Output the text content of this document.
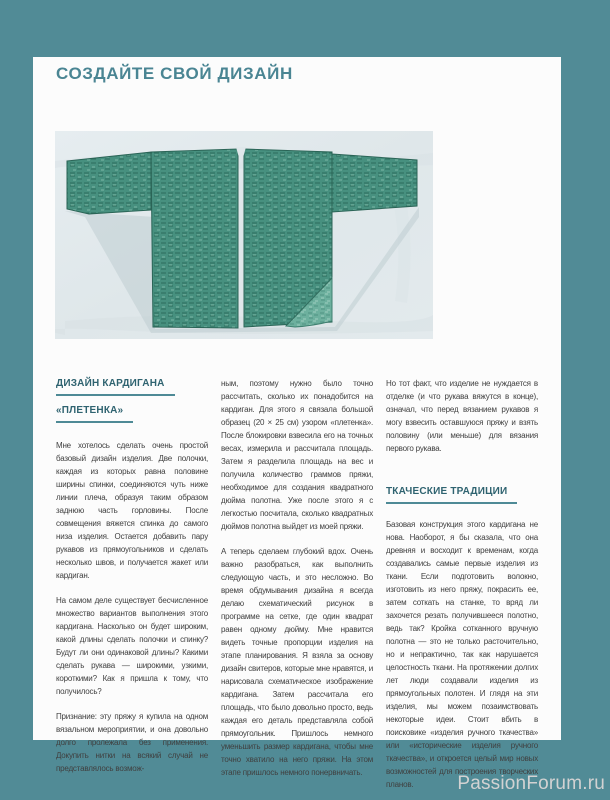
СОЗДАЙТЕ СВОЙ ДИЗАЙН
ДИЗАЙН КАРДИГАНА
«ПЛЕТЕНКА»

Мне хотелось сделать очень простой базовый дизайн изделия. Две полочки, каждая из которых равна половине ширины спинки, соединяются чуть ниже линии плеча, образуя таким образом заднюю часть горловины. После совмещения вяжется спинка до самого низа изделия. Остается добавить пару рукавов из прямоугольников и сделать несколько швов, и получается жакет или кардиган.

На самом деле существует бесчисленное множество вариантов выполнения этого кардигана. Насколько он будет широким, какой длины сделать полочки и спинку? Будут ли они одинаковой длины? Какими сделать рукава — широкими, узкими, короткими? Как я пришла к тому, что получилось?

Признание: эту пряжу я купила на одном вязальном мероприятии, и она довольно долго пролежала без применения. Докупить нитки на всякий случай не представлялось возмож-

ным, поэтому нужно было точно рассчитать, сколько их понадобится на кардиган. Для этого я связала большой образец (20 × 25 см) узором «плетенка». После блокировки взвесила его на точных весах, измерила и рассчитала площадь. Затем я разделила площадь на вес и получила количество граммов пряжи, необходимое для создания квадратного дюйма полотна. Уже после этого я с легкостью посчитала, сколько квадратных дюймов полотна выйдет из моей пряжи.

А теперь сделаем глубокий вдох. Очень важно разобраться, как выполнить следующую часть, и это несложно. Во время обдумывания дизайна я всегда делаю схематический рисунок в программе на сетке, где один квадрат равен одному дюйму. Мне нравится видеть точные пропорции изделия на этапе планирования. Я взяла за основу дизайн свитеров, которые мне нравятся, и нарисовала схематическое изображение кардигана. Затем рассчитала его площадь, что было довольно просто, ведь каждая его деталь представляла собой прямоугольник. Пришлось немного уменьшить размер кардигана, чтобы мне точно хватило на него пряжи. На этом этапе пришлось немного понервничать.

Но тот факт, что изделие не нуждается в отделке (и что рукава вяжутся в конце), означал, что перед вязанием рукавов я могу взвесить оставшуюся пряжу и взять половину (или меньше) для вязания первого рукава.

ТКАЧЕСКИЕ ТРАДИЦИИ

Базовая конструкция этого кардигана не нова. Наоборот, я бы сказала, что она древняя и восходит к временам, когда создавались самые первые изделия из ткани. Если подготовить волокно, изготовить из него пряжу, покрасить ее, затем соткать на станке, то вряд ли захочется резать получившееся полотно, ведь так? Кройка сотканного вручную полотна — это не только расточительно, но и непрактично, так как нарушается целостность ткани. На протяжении долгих лет люди создавали изделия из прямоугольных полотен. И глядя на эти изделия, мы можем позаимствовать некоторые идеи. Стоит вбить в поисковике «изделия ручного ткачества» или «исторические изделия ручного ткачества», и откроется целый мир новых возможностей для построения творческих планов.	PassionForum.ru
